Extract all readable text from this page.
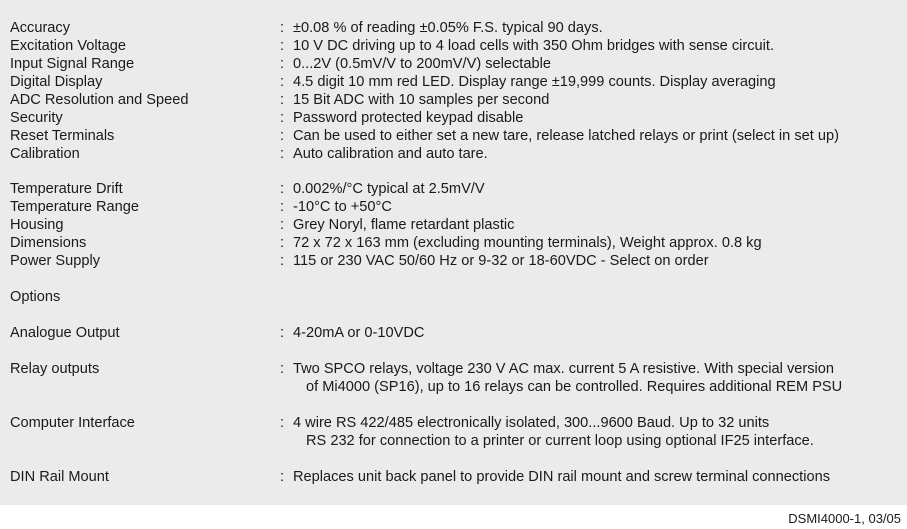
Accuracy	: ±0.08 % of reading ±0.05% F.S. typical 90 days.
Excitation Voltage	: 10 V DC driving up to 4 load cells with 350 Ohm bridges with sense circuit.
Input Signal Range	: 0...2V (0.5mV/V to 200mV/V) selectable
Digital Display	: 4.5 digit 10 mm red LED. Display range ±19,999 counts. Display averaging
ADC Resolution and Speed	: 15 Bit ADC with 10 samples per second
Security	: Password protected keypad disable
Reset Terminals	: Can be used to either set a new tare, release latched relays or print (select in set up)
Calibration	: Auto calibration and auto tare.
Temperature Drift	: 0.002%/°C typical at 2.5mV/V
Temperature Range	: -10°C to +50°C
Housing	: Grey Noryl, flame retardant plastic
Dimensions	: 72 x 72 x 163 mm (excluding mounting terminals), Weight approx. 0.8 kg
Power Supply	: 115 or 230 VAC 50/60 Hz or 9-32 or 18-60VDC - Select on order
Options
Analogue Output	: 4-20mA or 0-10VDC
Relay outputs	: Two SPCO relays, voltage 230 V AC max. current 5 A resistive. With special version
of Mi4000 (SP16), up to 16 relays can be controlled. Requires additional REM PSU
Computer Interface	: 4 wire RS 422/485 electronically isolated, 300...9600 Baud. Up to 32 units
RS 232 for connection to a printer or current loop using optional IF25 interface.
DIN Rail Mount	: Replaces unit back panel to provide DIN rail mount and screw terminal connections
DSMI4000-1, 03/05
